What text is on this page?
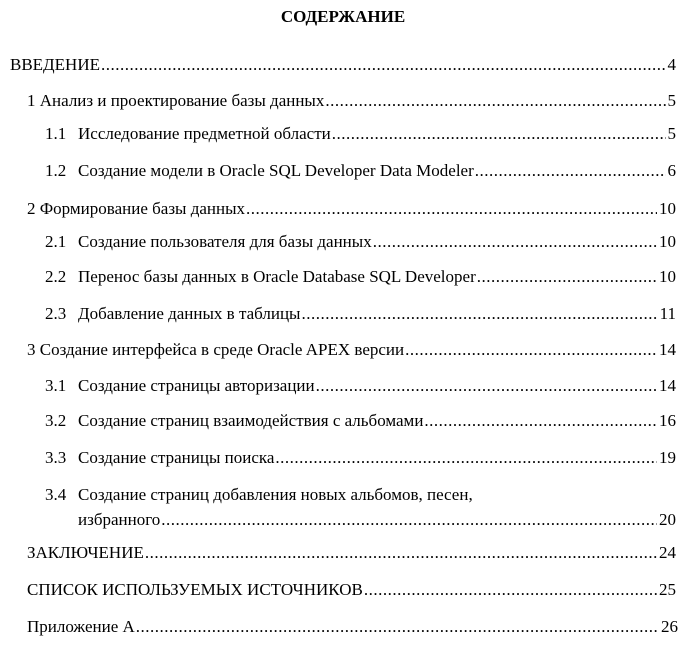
СОДЕРЖАНИЕ
ВВЕДЕНИЕ .....	4
1 Анализ и проектирование базы данных .....	5
1.1 Исследование предметной области .....	5
1.2 Создание модели в Oracle SQL Developer Data Modeler .....	6
2 Формирование базы данных .....	10
2.1 Создание пользователя для базы данных .....	10
2.2 Перенос базы данных в Oracle Database SQL Developer .....	10
2.3 Добавление данных в таблицы .....	11
3 Создание интерфейса в среде Oracle APEX версии .....	14
3.1 Создание страницы авторизации .....	14
3.2 Создание страниц взаимодействия с альбомами .....	16
3.3 Создание страницы поиска .....	19
3.4 Создание страниц добавления новых альбомов, песен,
избранного .....	20
ЗАКЛЮЧЕНИЕ .....	24
СПИСОК ИСПОЛЬЗУЕМЫХ ИСТОЧНИКОВ .....	25
Приложение А .....	26
